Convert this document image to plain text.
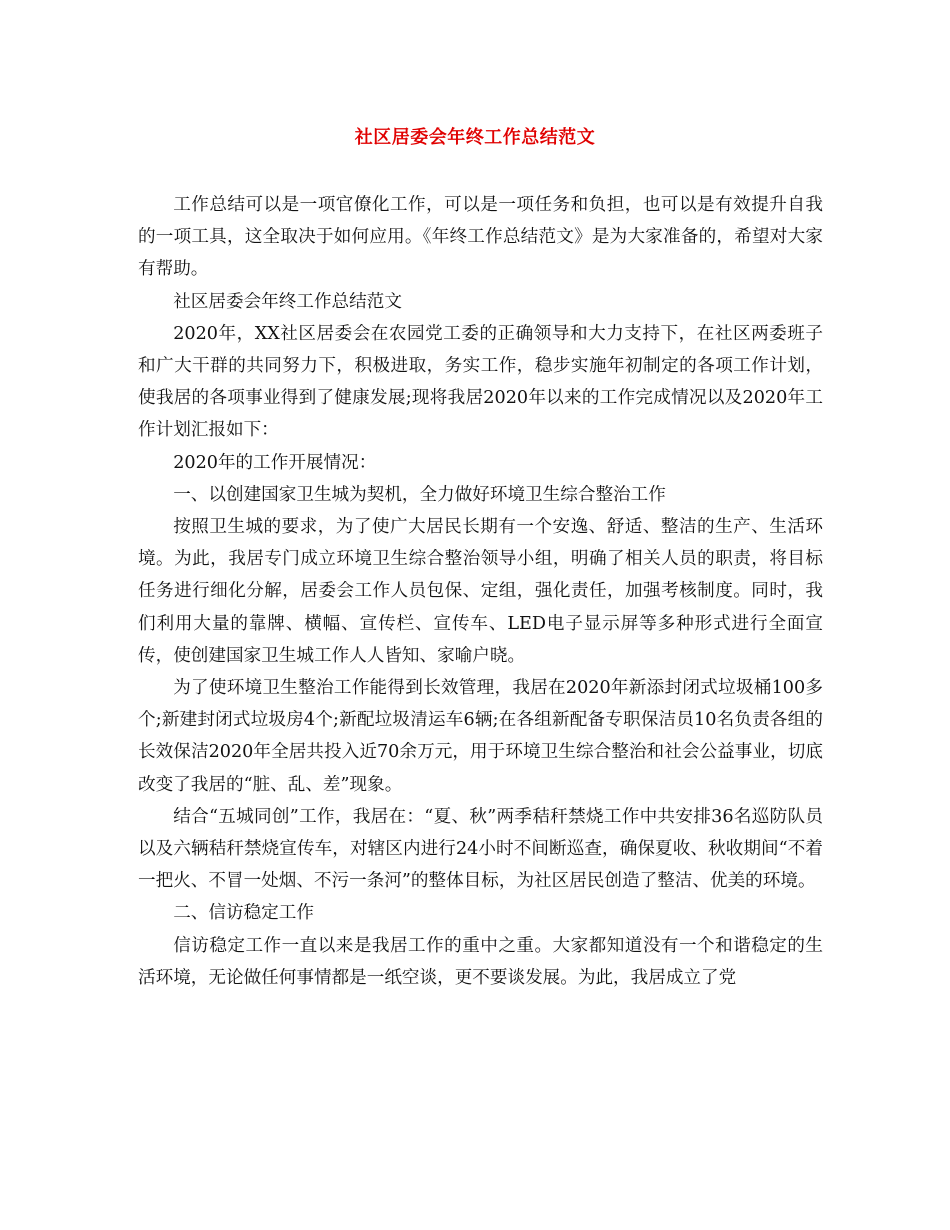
社区居委会年终工作总结范文

工作总结可以是一项官僚化工作，可以是一项任务和负担，也可以是有效提升自我的一项工具，这全取决于如何应用。《年终工作总结范文》是为大家准备的，希望对大家有帮助。

社区居委会年终工作总结范文

2020年，XX社区居委会在农园党工委的正确领导和大力支持下，在社区两委班子和广大干群的共同努力下，积极进取，务实工作，稳步实施年初制定的各项工作计划，使我居的各项事业得到了健康发展;现将我居2020年以来的工作完成情况以及2020年工作计划汇报如下：

2020年的工作开展情况：

一、以创建国家卫生城为契机，全力做好环境卫生综合整治工作

按照卫生城的要求，为了使广大居民长期有一个安逸、舒适、整洁的生产、生活环境。为此，我居专门成立环境卫生综合整治领导小组，明确了相关人员的职责，将目标任务进行细化分解，居委会工作人员包保、定组，强化责任，加强考核制度。同时，我们利用大量的靠牌、横幅、宣传栏、宣传车、LED电子显示屏等多种形式进行全面宣传，使创建国家卫生城工作人人皆知、家喻户晓。

为了使环境卫生整治工作能得到长效管理，我居在2020年新添封闭式垃圾桶100多个;新建封闭式垃圾房4个;新配垃圾清运车6辆;在各组新配备专职保洁员10名负责各组的长效保洁2020年全居共投入近70余万元，用于环境卫生综合整治和社会公益事业，切底改变了我居的“脏、乱、差”现象。

结合“五城同创”工作，我居在：“夏、秋”两季秸秆禁烧工作中共安排36名巡防队员以及六辆秸秆禁烧宣传车，对辖区内进行24小时不间断巡查，确保夏收、秋收期间“不着一把火、不冒一处烟、不污一条河”的整体目标，为社区居民创造了整洁、优美的环境。

二、信访稳定工作

信访稳定工作一直以来是我居工作的重中之重。大家都知道没有一个和谐稳定的生活环境，无论做任何事情都是一纸空谈，更不要谈发展。为此，我居成立了党
